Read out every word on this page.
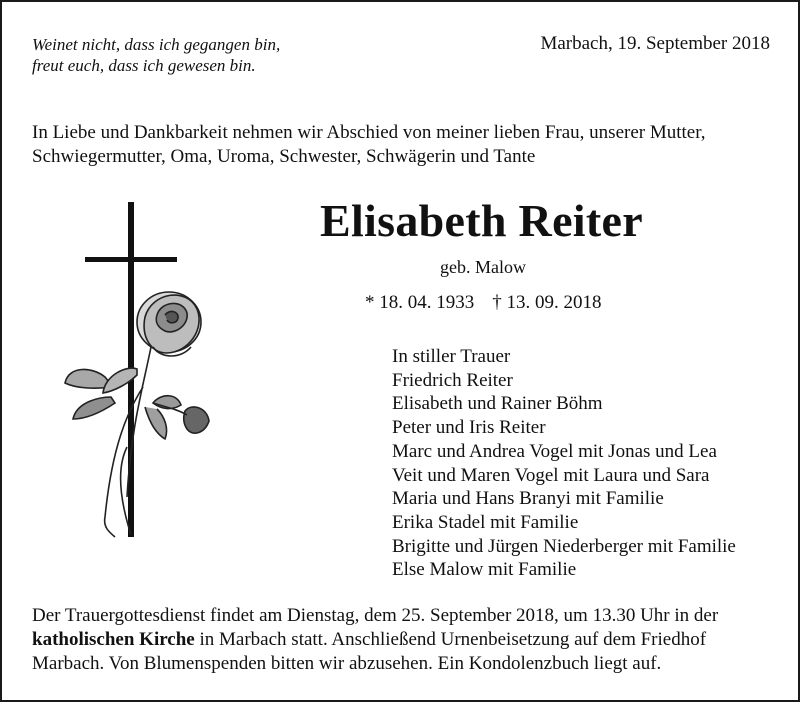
Weinet nicht, dass ich gegangen bin,
freut euch, dass ich gewesen bin.
Marbach, 19. September 2018
In Liebe und Dankbarkeit nehmen wir Abschied von meiner lieben Frau, unserer Mutter,
Schwiegermutter, Oma, Uroma, Schwester, Schwägerin und Tante
Elisabeth Reiter
geb. Malow
* 18. 04. 1933 † 13. 09. 2018
In stiller Trauer
Friedrich Reiter
Elisabeth und Rainer Böhm
Peter und Iris Reiter
Marc und Andrea Vogel mit Jonas und Lea
Veit und Maren Vogel mit Laura und Sara
Maria und Hans Branyi mit Familie
Erika Stadel mit Familie
Brigitte und Jürgen Niederberger mit Familie
Else Malow mit Familie
Der Trauergottesdienst findet am Dienstag, dem 25. September 2018, um 13.30 Uhr in der
katholischen Kirche in Marbach statt. Anschließend Urnenbeisetzung auf dem Friedhof
Marbach. Von Blumenspenden bitten wir abzusehen. Ein Kondolenzbuch liegt auf.
